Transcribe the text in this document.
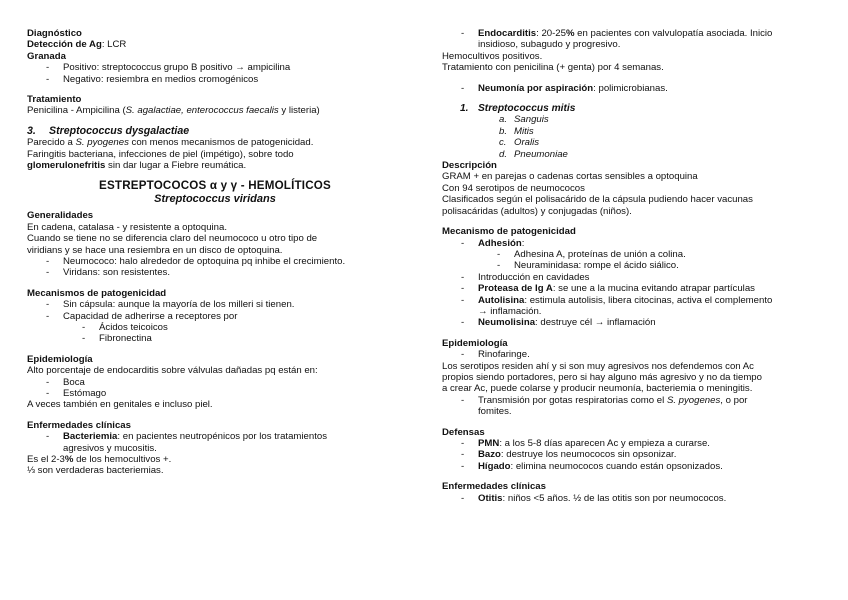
Diagnóstico
Detección de Ag: LCR
Granada
- Positivo: streptococcus grupo B positivo → ampicilina
- Negativo: resiembra en medios cromogénicos
Tratamiento
Penicilina - Ampicilina (S. agalactiae, enterococcus faecalis y listeria)
3. Streptococcus dysgalactiae
Parecido a S. pyogenes con menos mecanismos de patogenicidad.
Faringitis bacteriana, infecciones de piel (impétigo), sobre todo
glomerulonefritis sin dar lugar a Fiebre reumática.
ESTREPTOCOCOS α y γ - HEMOLÍTICOS
Streptococcus viridans
Generalidades
En cadena, catalasa - y resistente a optoquina.
Cuando se tiene no se diferencia claro del neumococo u otro tipo de
viridians y se hace una resiembra en un disco de optoquina.
- Neumococo: halo alrededor de optoquina pq inhibe el crecimiento.
- Viridans: son resistentes.
Mecanismos de patogenicidad
- Sin cápsula: aunque la mayoría de los milleri si tienen.
- Capacidad de adherirse a receptores por
- Ácidos teicoicos
- Fibronectina
Epidemiología
Alto porcentaje de endocarditis sobre válvulas dañadas pq están en:
- Boca
- Estómago
A veces también en genitales e incluso piel.
Enfermedades clínicas
- Bacteriemia: en pacientes neutropénicos por los tratamientos
agresivos y mucositis.
Es el 2-3% de los hemocultivos +.
⅓ son verdaderas bacteriemias.
- Endocarditis: 20-25% en pacientes con valvulopatía asociada. Inicio
insidioso, subagudo y progresivo.
Hemocultivos positivos.
Tratamiento con penicilina (+ genta) por 4 semanas.
- Neumonía por aspiración: polimicrobianas.
1. Streptococcus mitis
a. Sanguis
b. Mitis
c. Oralis
d. Pneumoniae
Descripción
GRAM + en parejas o cadenas cortas sensibles a optoquina
Con 94 serotipos de neumococos
Clasificados según el polisacárido de la cápsula pudiendo hacer vacunas
polisacáridas (adultos) y conjugadas (niños).
Mecanismo de patogenicidad
- Adhesión:
- Adhesina A, proteínas de unión a colina.
- Neuraminidasa: rompe el ácido siálico.
- Introducción en cavidades
- Proteasa de Ig A: se une a la mucina evitando atrapar partículas
- Autolisina: estimula autolisis, libera citocinas, activa el complemento
→ inflamación.
- Neumolisina: destruye cél → inflamación
Epidemiología
- Rinofaringe.
Los serotipos residen ahí y si son muy agresivos nos defendemos con Ac
propios siendo portadores, pero si hay alguno más agresivo y no da tiempo
a crear Ac, puede colarse y producir neumonía, bacteriemia o meningitis.
- Transmisión por gotas respiratorias como el S. pyogenes, o por
fomites.
Defensas
- PMN: a los 5-8 días aparecen Ac y empieza a curarse.
- Bazo: destruye los neumococos sin opsonizar.
- Hígado: elimina neumococos cuando están opsonizados.
Enfermedades clínicas
- Otitis: niños <5 años. ½ de las otitis son por neumococos.
